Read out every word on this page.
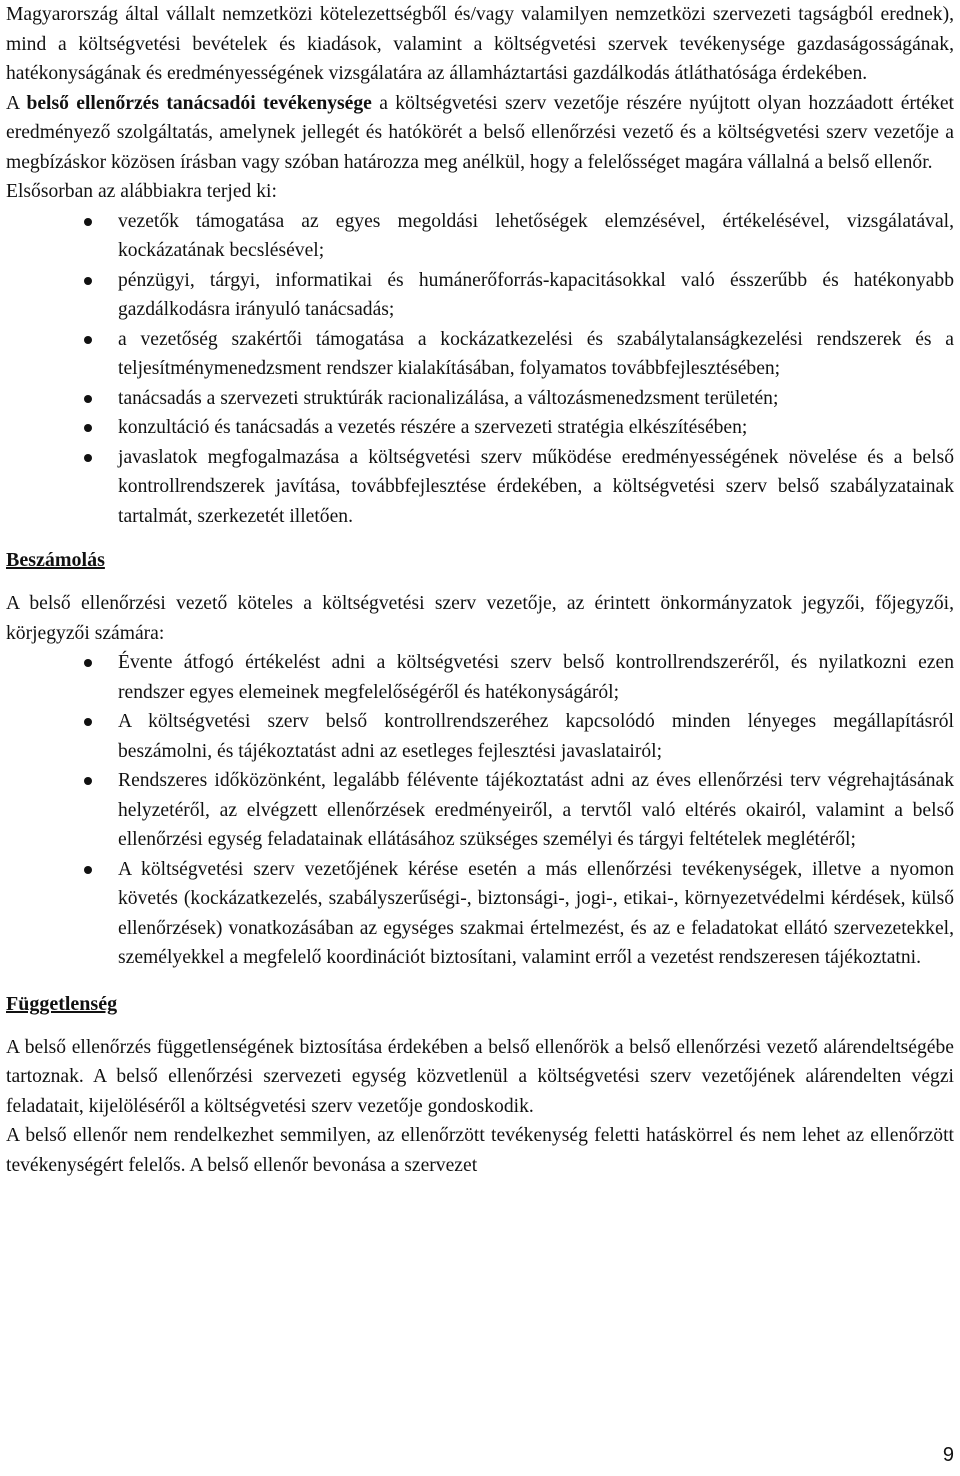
Magyarország által vállalt nemzetközi kötelezettségből és/vagy valamilyen nemzetközi szervezeti tagságból erednek), mind a költségvetési bevételek és kiadások, valamint a költségvetési szervek tevékenysége gazdaságosságának, hatékonyságának és eredményességének vizsgálatára az államháztartási gazdálkodás átláthatósága érdekében.

A belső ellenőrzés tanácsadói tevékenysége a költségvetési szerv vezetője részére nyújtott olyan hozzáadott értéket eredményező szolgáltatás, amelynek jellegét és hatókörét a belső ellenőrzési vezető és a költségvetési szerv vezetője a megbízáskor közösen írásban vagy szóban határozza meg anélkül, hogy a felelősséget magára vállalná a belső ellenőr.

Elsősorban az alábbiakra terjed ki:

vezetők támogatása az egyes megoldási lehetőségek elemzésével, értékelésével, vizsgálatával, kockázatának becslésével;
pénzügyi, tárgyi, informatikai és humánerőforrás-kapacitásokkal való ésszerűbb és hatékonyabb gazdálkodásra irányuló tanácsadás;
a vezetőség szakértői támogatása a kockázatkezelési és szabálytalanságkezelési rendszerek és a teljesítménymenedzsment rendszer kialakításában, folyamatos továbbfejlesztésében;
tanácsadás a szervezeti struktúrák racionalizálása, a változásmenedzsment területén;
konzultáció és tanácsadás a vezetés részére a szervezeti stratégia elkészítésében;
javaslatok megfogalmazása a költségvetési szerv működése eredményességének növelése és a belső kontrollrendszerek javítása, továbbfejlesztése érdekében, a költségvetési szerv belső szabályzatainak tartalmát, szerkezetét illetően.
Beszámolás

A belső ellenőrzési vezető köteles a költségvetési szerv vezetője, az érintett önkormányzatok jegyzői, főjegyzői, körjegyzői számára:

Évente átfogó értékelést adni a költségvetési szerv belső kontrollrendszeréről, és nyilatkozni ezen rendszer egyes elemeinek megfelelőségéről és hatékonyságáról;
A költségvetési szerv belső kontrollrendszeréhez kapcsolódó minden lényeges megállapításról beszámolni, és tájékoztatást adni az esetleges fejlesztési javaslatairól;
Rendszeres időközönként, legalább félévente tájékoztatást adni az éves ellenőrzési terv végrehajtásának helyzetéről, az elvégzett ellenőrzések eredményeiről, a tervtől való eltérés okairól, valamint a belső ellenőrzési egység feladatainak ellátásához szükséges személyi és tárgyi feltételek meglétéről;
A költségvetési szerv vezetőjének kérése esetén a más ellenőrzési tevékenységek, illetve a nyomon követés (kockázatkezelés, szabályszerűségi-, biztonsági-, jogi-, etikai-, környezetvédelmi kérdések, külső ellenőrzések) vonatkozásában az egységes szakmai értelmezést, és az e feladatokat ellátó szervezetekkel, személyekkel a megfelelő koordinációt biztosítani, valamint erről a vezetést rendszeresen tájékoztatni.
Függetlenség

A belső ellenőrzés függetlenségének biztosítása érdekében a belső ellenőrök a belső ellenőrzési vezető alárendeltségébe tartoznak. A belső ellenőrzési szervezeti egység közvetlenül a költségvetési szerv vezetőjének alárendelten végzi feladatait, kijelöléséről a költségvetési szerv vezetője gondoskodik.

A belső ellenőr nem rendelkezhet semmilyen, az ellenőrzött tevékenység feletti hatáskörrel és nem lehet az ellenőrzött tevékenységért felelős. A belső ellenőr bevonása a szervezet

9
